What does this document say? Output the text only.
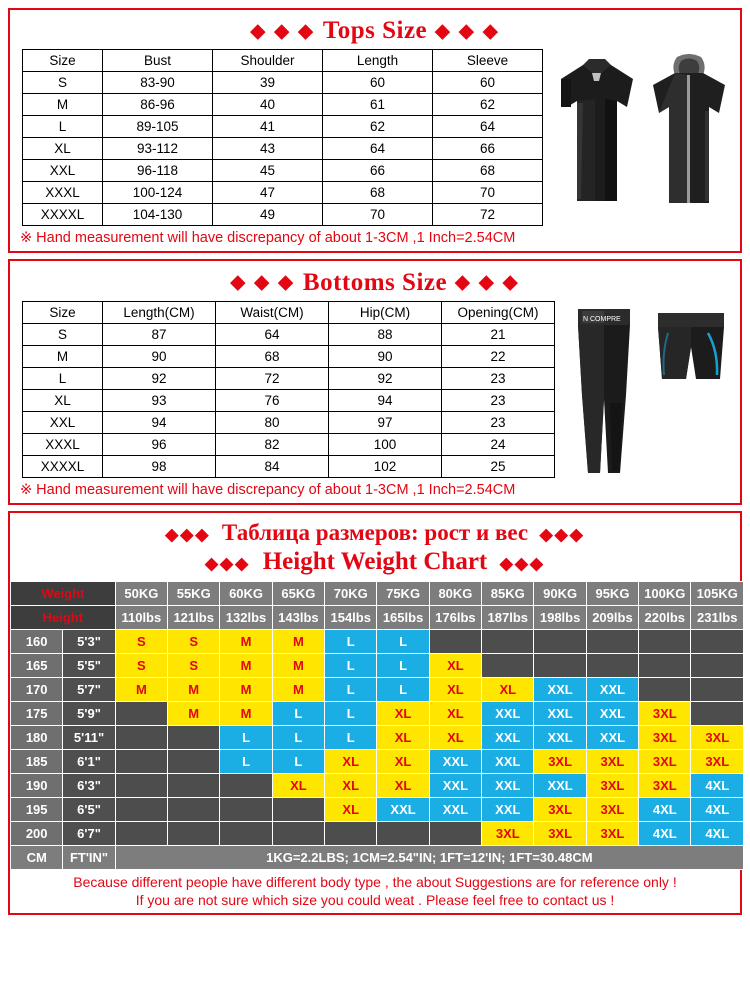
◆ ◆ ◆ Tops Size ◆ ◆ ◆
Size	Bust	Shoulder	Length	Sleeve
S	83-90	39	60	60
M	86-96	40	61	62
L	89-105	41	62	64
XL	93-112	43	64	66
XXL	96-118	45	66	68
XXXL	100-124	47	68	70
XXXXL	104-130	49	70	72
※ Hand measurement will have discrepancy of about 1-3CM ,1 Inch=2.54CM
◆ ◆ ◆ Bottoms Size ◆ ◆ ◆
Size	Length(CM)	Waist(CM)	Hip(CM)	Opening(CM)
S	87	64	88	21
M	90	68	90	22
L	92	72	92	23
XL	93	76	94	23
XXL	94	80	97	23
XXXL	96	82	100	24
XXXXL	98	84	102	25
N COMPRE
※ Hand measurement will have discrepancy of about 1-3CM ,1 Inch=2.54CM
◆◆◆ Таблица размеров: рост и вес ◆◆◆
◆◆◆ Height Weight Chart ◆◆◆
Weight		50KG	55KG	60KG	65KG	70KG	75KG	80KG	85KG	90KG	95KG	100KG	105KG
Height		110lbs	121lbs	132lbs	143lbs	154lbs	165lbs	176lbs	187lbs	198lbs	209lbs	220lbs	231lbs
160	5'3"	S	S	M	M	L	L						
165	5'5"	S	S	M	M	L	L	XL					
170	5'7"	M	M	M	M	L	L	XL	XL	XXL	XXL		
175	5'9"		M	M	L	L	XL	XL	XXL	XXL	XXL	3XL	
180	5'11"			L	L	L	XL	XL	XXL	XXL	XXL	3XL	3XL
185	6'1"			L	L	XL	XL	XXL	XXL	3XL	3XL	3XL	3XL
190	6'3"				XL	XL	XL	XXL	XXL	XXL	3XL	3XL	4XL
195	6'5"					XL	XXL	XXL	XXL	3XL	3XL	4XL	4XL
200	6'7"								3XL	3XL	3XL	4XL	4XL
CM	FT'IN"	1KG=2.2LBS; 1CM=2.54"IN; 1FT=12'IN; 1FT=30.48CM											
Because different people have different body type , the about Suggestions are for reference only !
If you are not sure which size you could weat . Please feel free to contact us !
